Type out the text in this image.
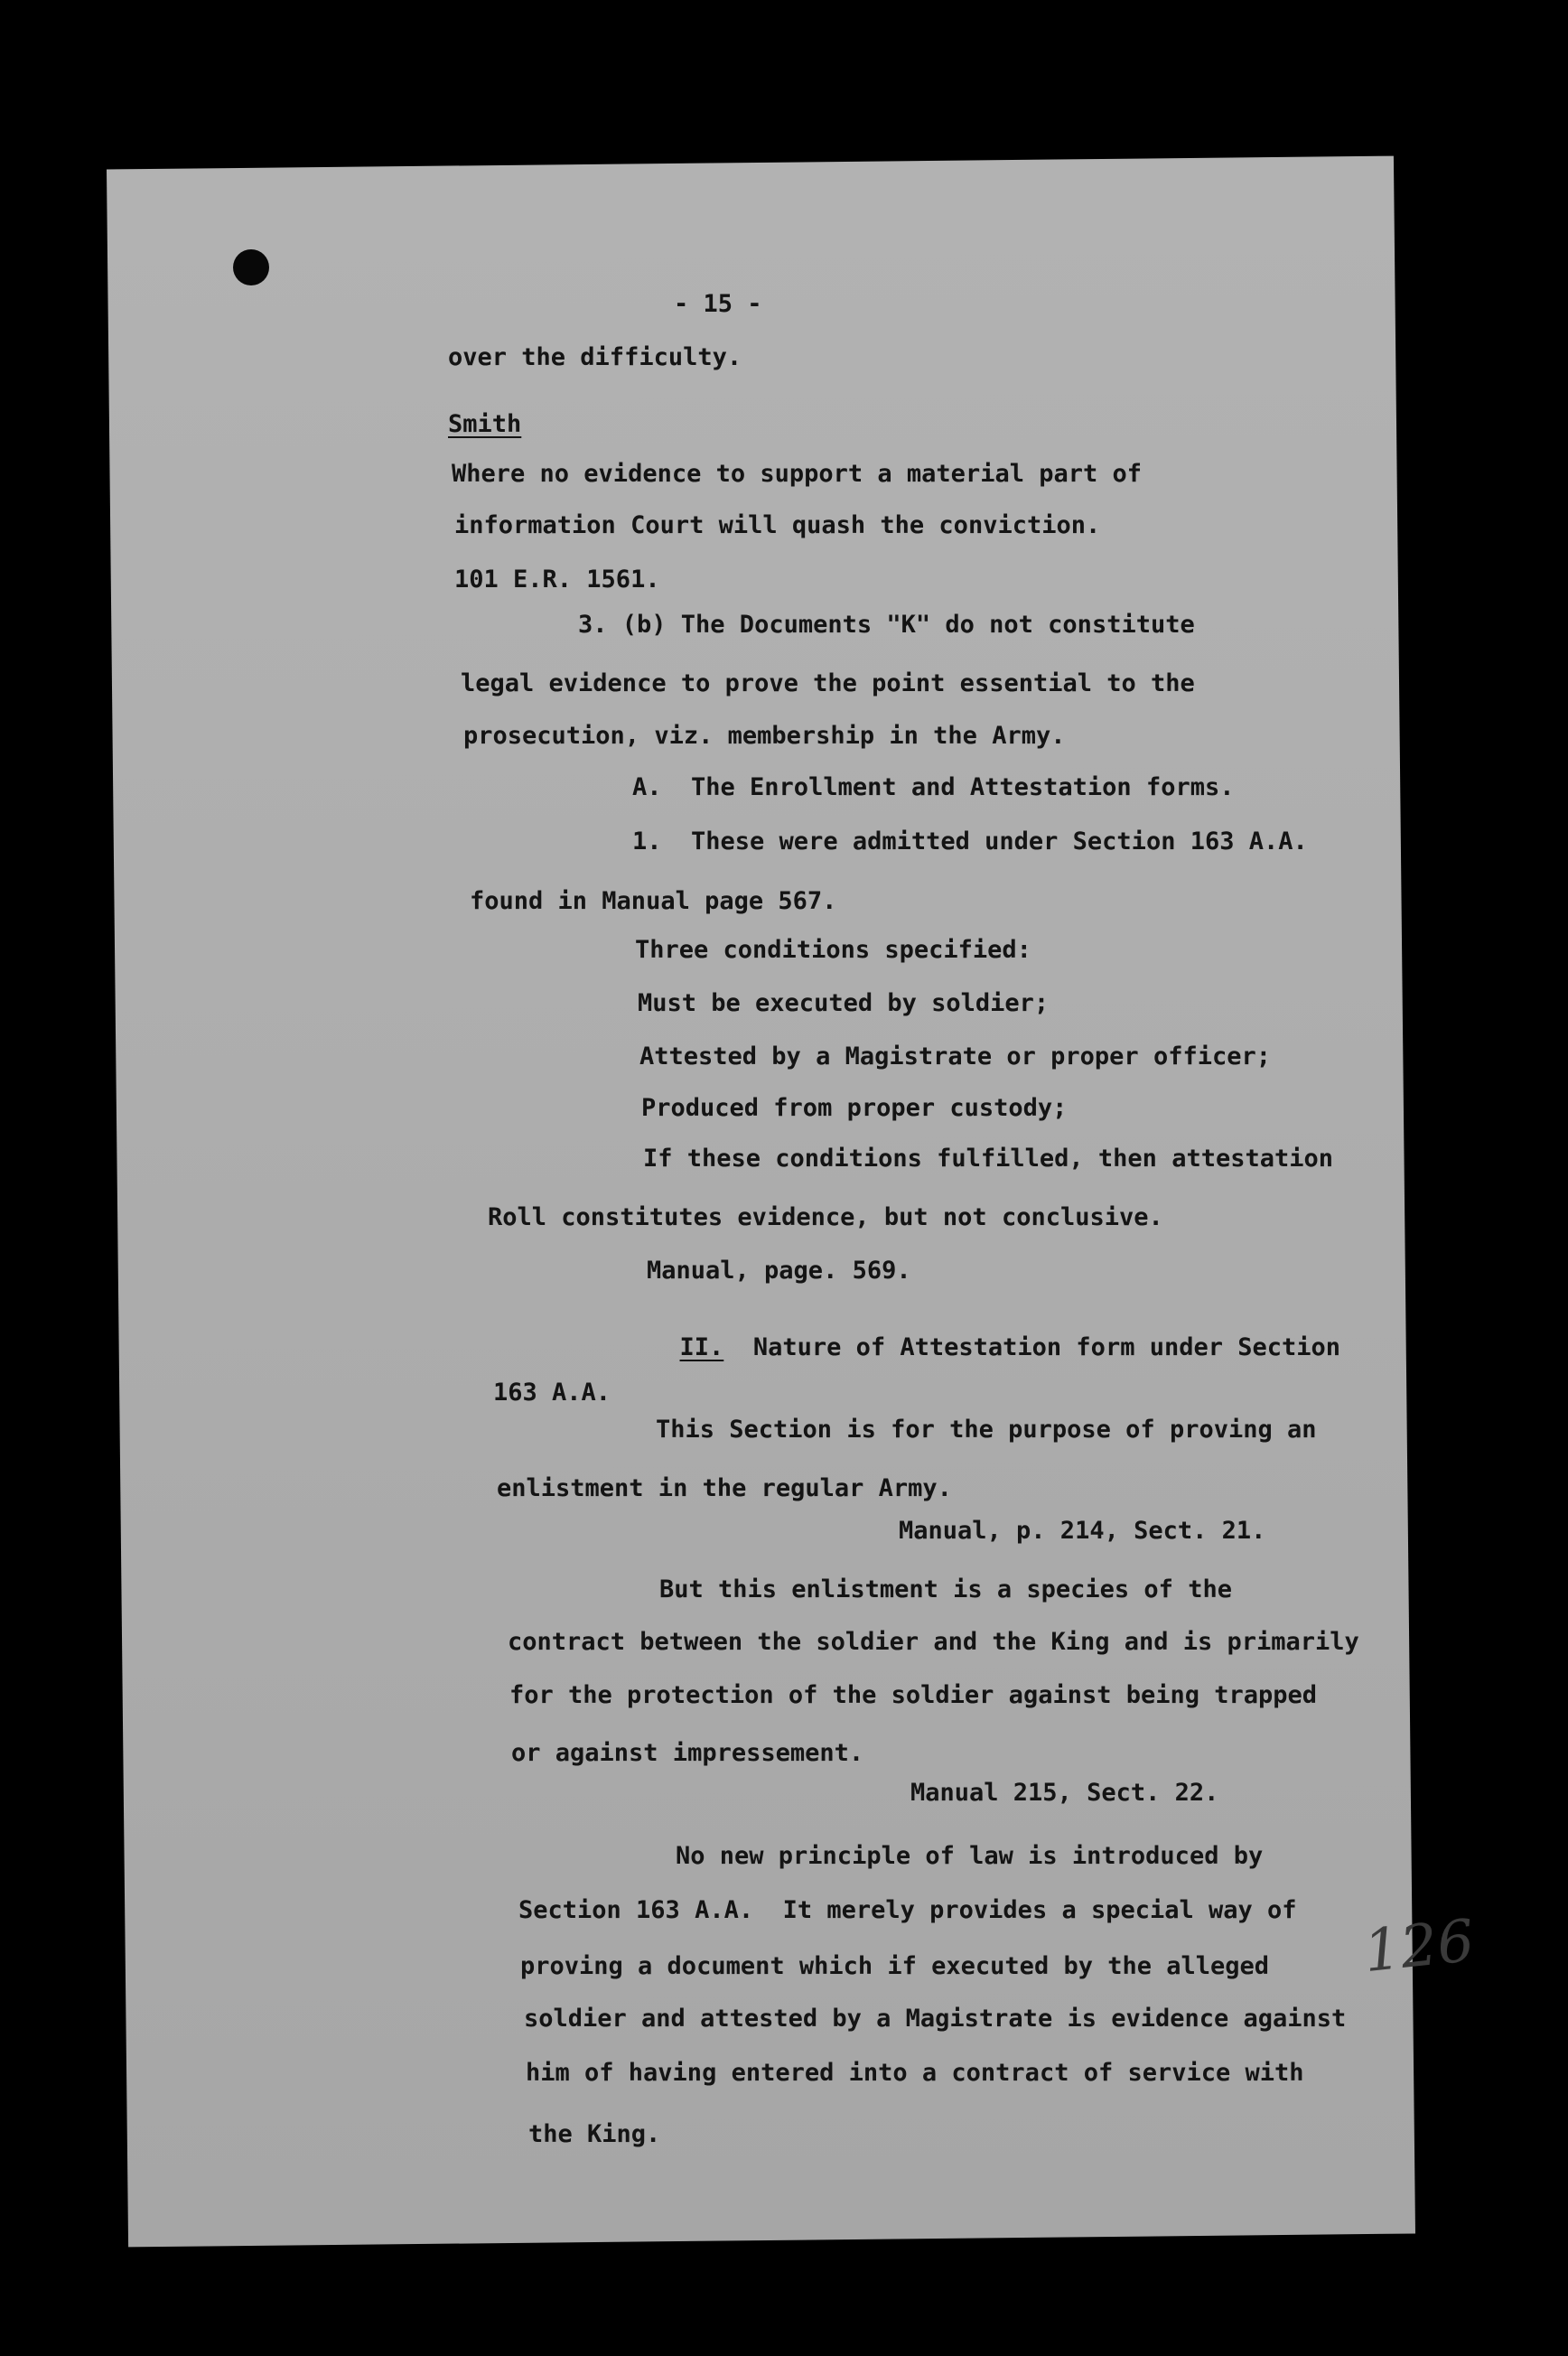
- 15 -
over the difficulty.
Smith
Where no evidence to support a material part of
information Court will quash the conviction.
101 E.R. 1561.
3. (b) The Documents "K" do not constitute
legal evidence to prove the point essential to the
prosecution, viz. membership in the Army.
A.  The Enrollment and Attestation forms.
1.  These were admitted under Section 163 A.A.
found in Manual page 567.
Three conditions specified:
Must be executed by soldier;
Attested by a Magistrate or proper officer;
Produced from proper custody;
If these conditions fulfilled, then attestation
Roll constitutes evidence, but not conclusive.
Manual, page. 569.

II. Nature of Attestation form under Section

163 A.A.
This Section is for the purpose of proving an
enlistment in the regular Army.
Manual, p. 214, Sect. 21.
But this enlistment is a species of the
contract between the soldier and the King and is primarily
for the protection of the soldier against being trapped
or against impressement.
Manual 215, Sect. 22.
No new principle of law is introduced by
Section 163 A.A.  It merely provides a special way of
proving a document which if executed by the alleged
soldier and attested by a Magistrate is evidence against
him of having entered into a contract of service with
the King.
126
